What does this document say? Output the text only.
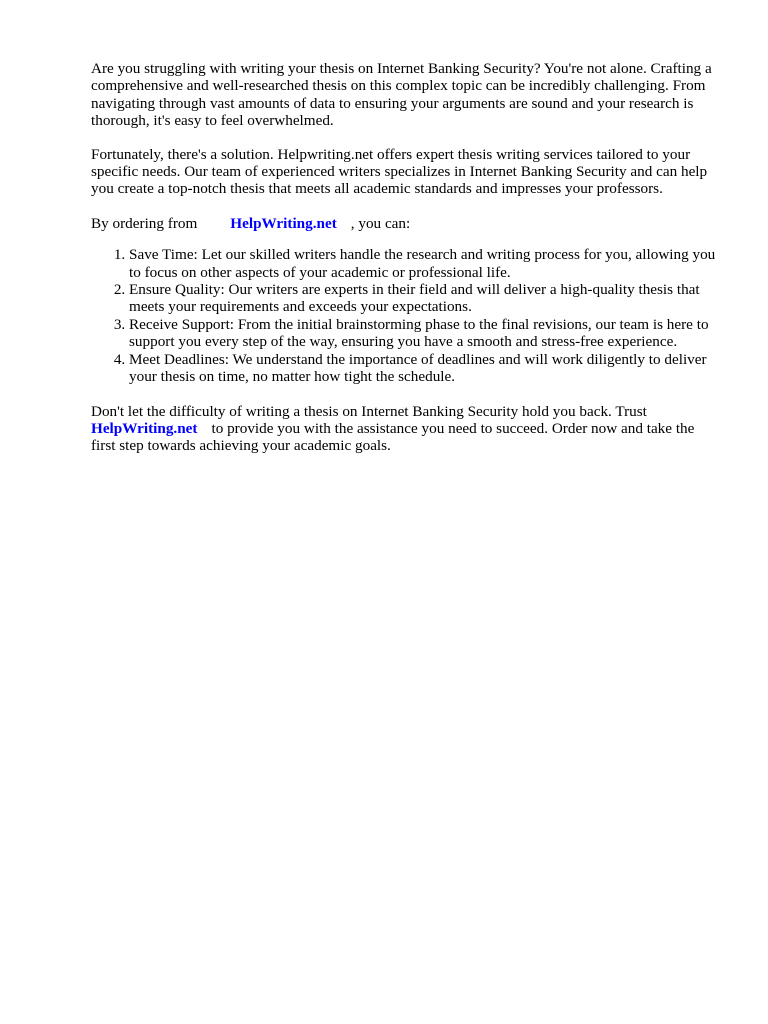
Are you struggling with writing your thesis on Internet Banking Security? You're not alone. Crafting a comprehensive and well-researched thesis on this complex topic can be incredibly challenging. From navigating through vast amounts of data to ensuring your arguments are sound and your research is thorough, it's easy to feel overwhelmed.

Fortunately, there's a solution. Helpwriting.net offers expert thesis writing services tailored to your specific needs. Our team of experienced writers specializes in Internet Banking Security and can help you create a top-notch thesis that meets all academic standards and impresses your professors.

By ordering from HelpWriting.net , you can:

1. Save Time: Let our skilled writers handle the research and writing process for you, allowing you to focus on other aspects of your academic or professional life.
2. Ensure Quality: Our writers are experts in their field and will deliver a high-quality thesis that meets your requirements and exceeds your expectations.
3. Receive Support: From the initial brainstorming phase to the final revisions, our team is here to support you every step of the way, ensuring you have a smooth and stress-free experience.
4. Meet Deadlines: We understand the importance of deadlines and will work diligently to deliver your thesis on time, no matter how tight the schedule.

Don't let the difficulty of writing a thesis on Internet Banking Security hold you back. Trust HelpWriting.net to provide you with the assistance you need to succeed. Order now and take the first step towards achieving your academic goals.
